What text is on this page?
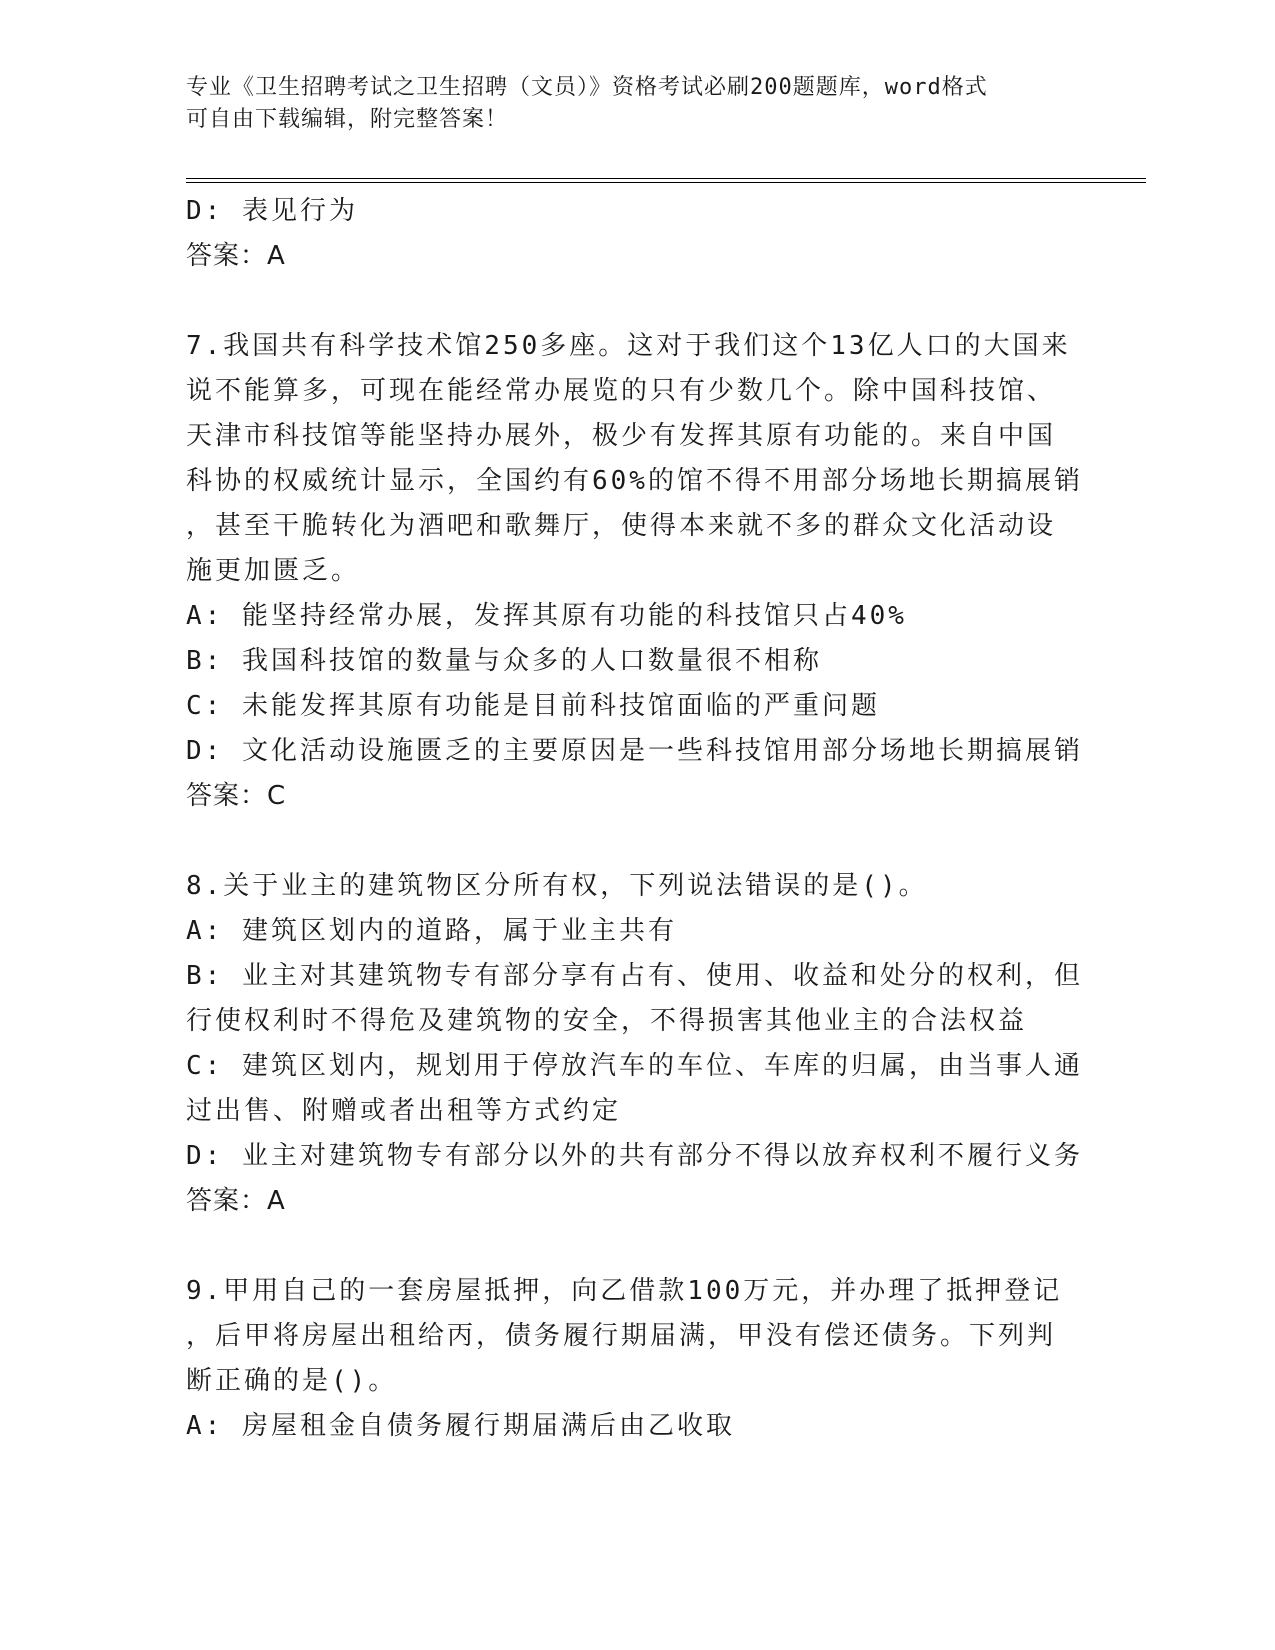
专业《卫生招聘考试之卫生招聘（文员）》资格考试必刷200题题库，word格式
可自由下载编辑，附完整答案！
D: 表见行为
答案：A
7.我国共有科学技术馆250多座。这对于我们这个13亿人口的大国来
说不能算多，可现在能经常办展览的只有少数几个。除中国科技馆、
天津市科技馆等能坚持办展外，极少有发挥其原有功能的。来自中国
科协的权威统计显示，全国约有60%的馆不得不用部分场地长期搞展销
，甚至干脆转化为酒吧和歌舞厅，使得本来就不多的群众文化活动设
施更加匮乏。
A: 能坚持经常办展，发挥其原有功能的科技馆只占40%
B: 我国科技馆的数量与众多的人口数量很不相称
C: 未能发挥其原有功能是目前科技馆面临的严重问题
D: 文化活动设施匮乏的主要原因是一些科技馆用部分场地长期搞展销
答案：C
8.关于业主的建筑物区分所有权，下列说法错误的是()。
A: 建筑区划内的道路，属于业主共有
B: 业主对其建筑物专有部分享有占有、使用、收益和处分的权利，但
行使权利时不得危及建筑物的安全，不得损害其他业主的合法权益
C: 建筑区划内，规划用于停放汽车的车位、车库的归属，由当事人通
过出售、附赠或者出租等方式约定
D: 业主对建筑物专有部分以外的共有部分不得以放弃权利不履行义务
答案：A
9.甲用自己的一套房屋抵押，向乙借款100万元，并办理了抵押登记
，后甲将房屋出租给丙，债务履行期届满，甲没有偿还债务。下列判
断正确的是()。
A: 房屋租金自债务履行期届满后由乙收取
